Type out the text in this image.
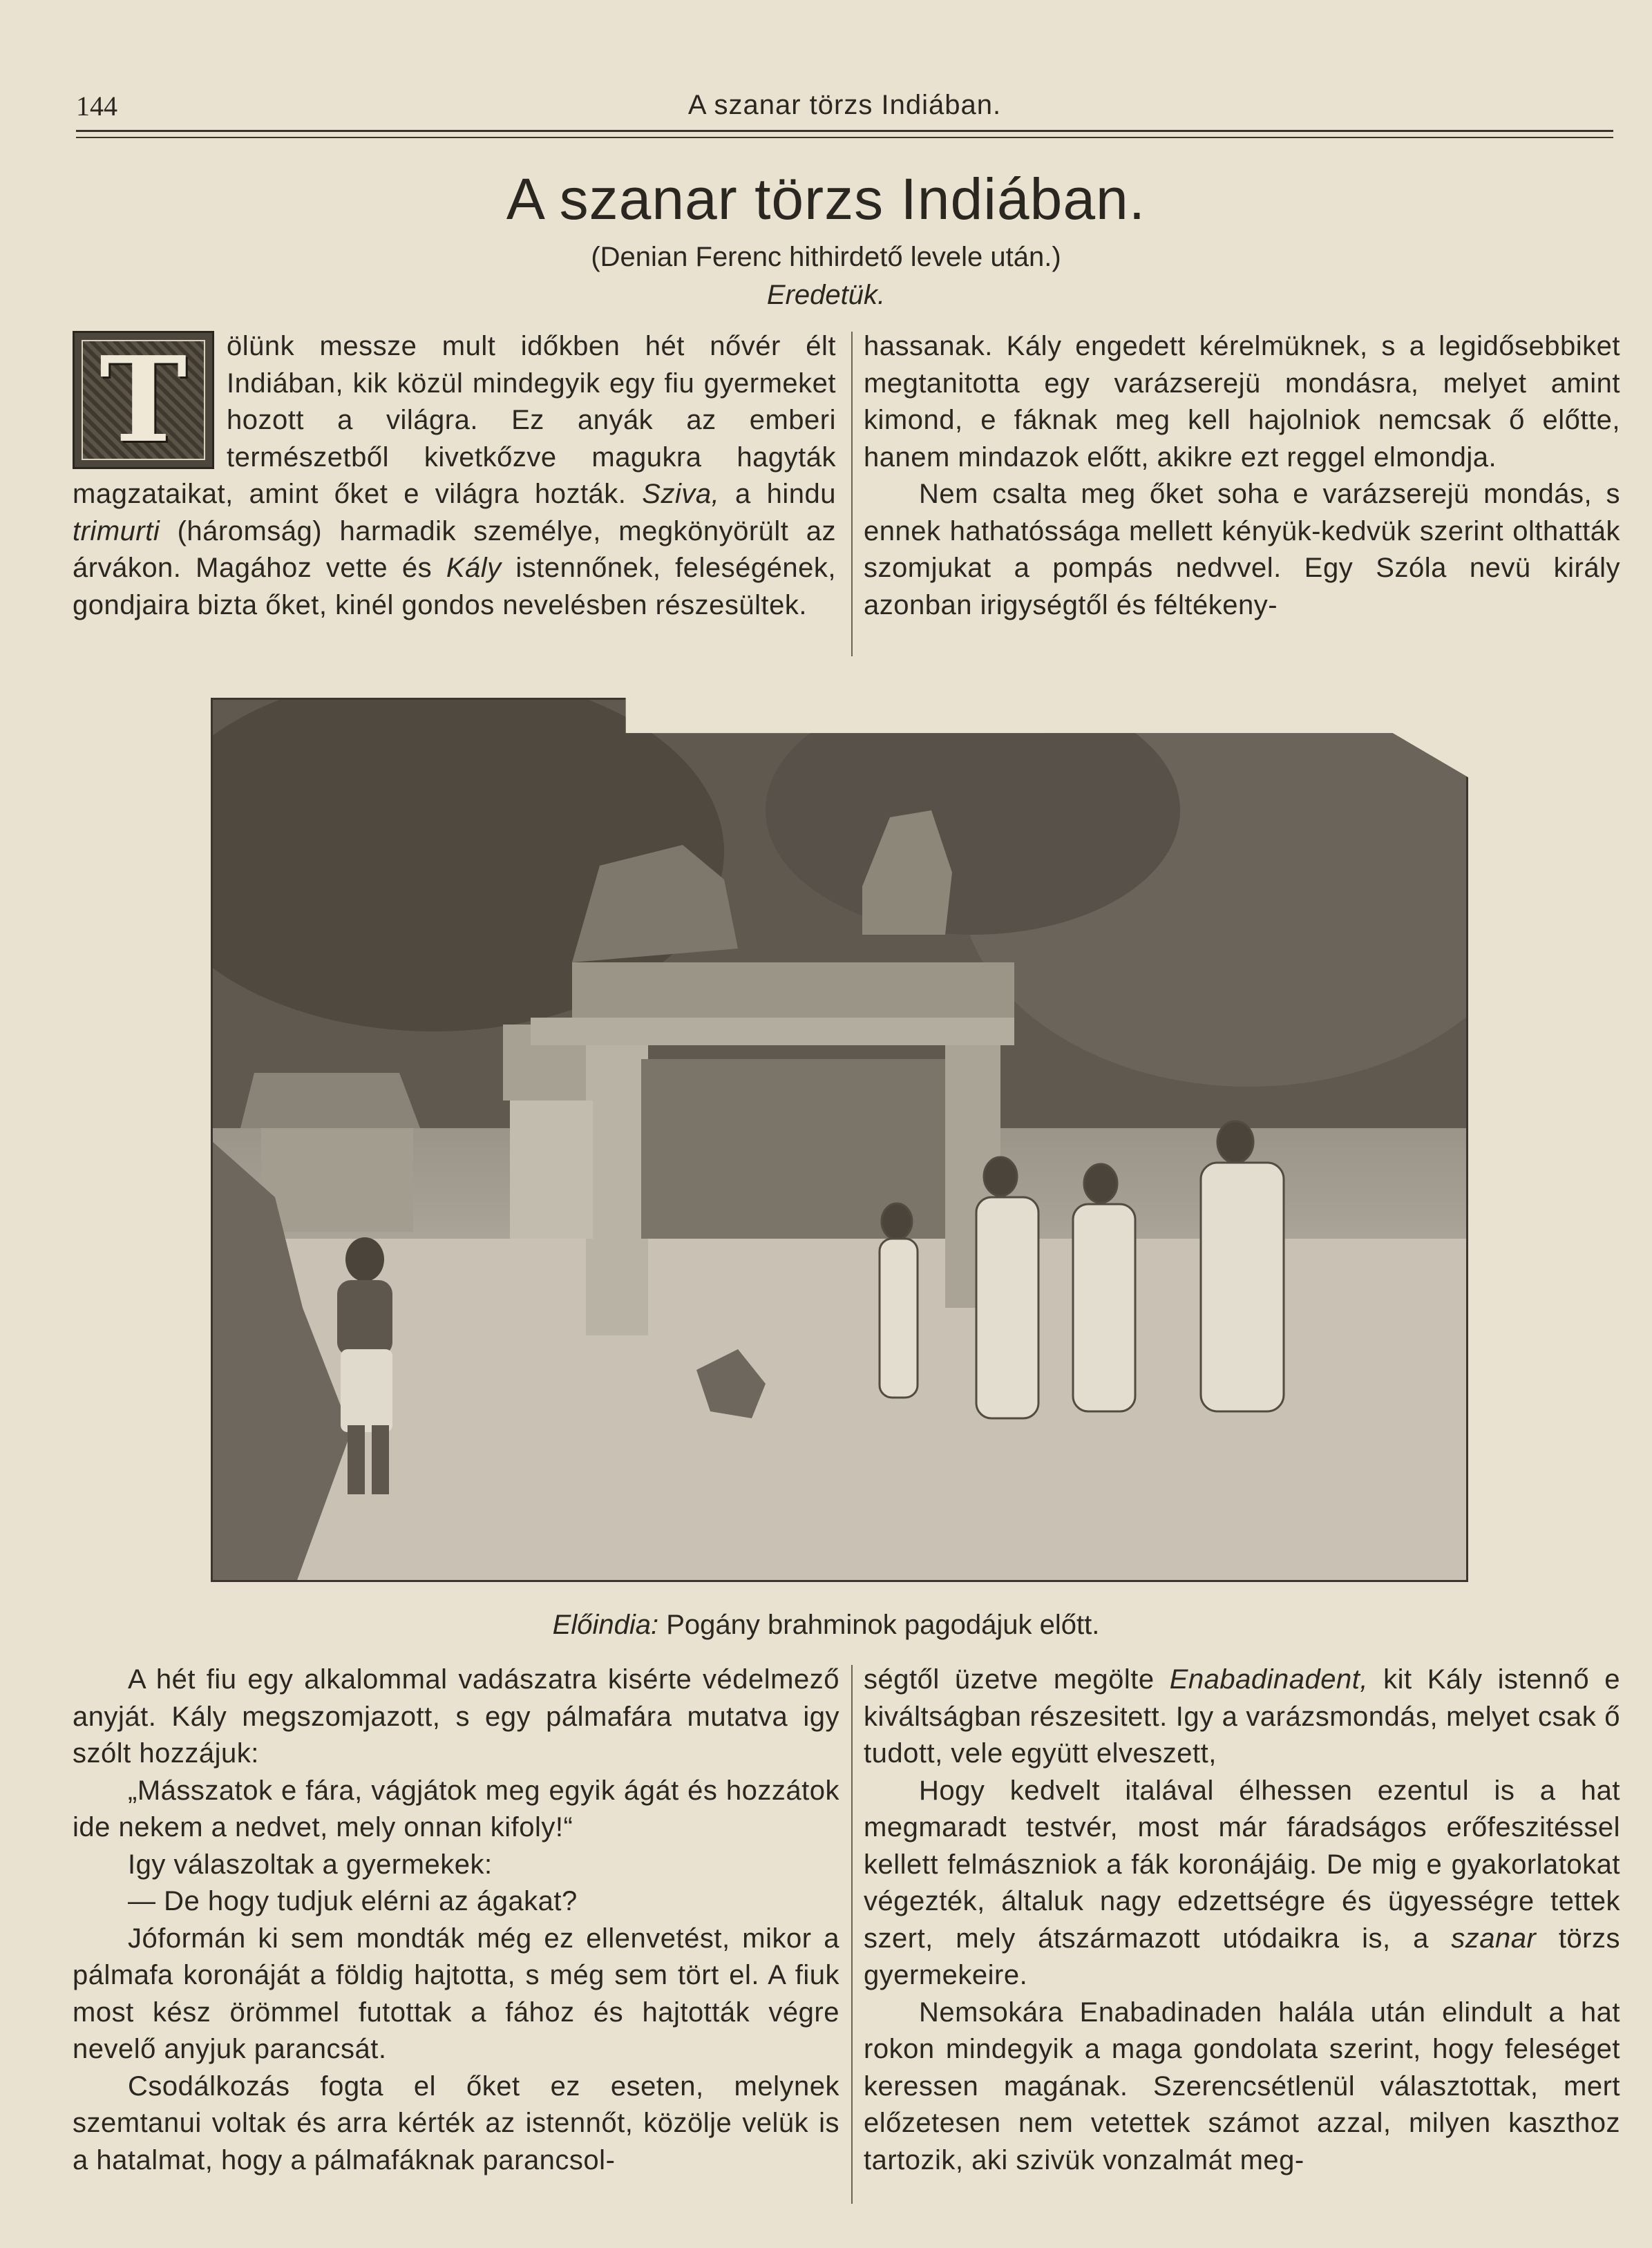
144	A szanar törzs Indiában.
A szanar törzs Indiában.
(Denian Ferenc hithirdető levele után.)
Eredetük.

T ölünk messze mult időkben hét nővér élt Indiában, kik közül mindegyik egy fiu gyermeket hozott a világra. Ez anyák az emberi természetből kivetkőzve magukra hagyták magzataikat, amint őket e világra hozták. Sziva, a hindu trimurti (háromság) harmadik személye, megkönyörült az árvákon. Magához vette és Kály istennőnek, feleségének, gondjaira bizta őket, kinél gondos nevelésben részesültek.

hassanak. Kály engedett kérelmüknek, s a legidősebbiket megtanitotta egy varázserejü mondásra, melyet amint kimond, e fáknak meg kell hajolniok nemcsak ő előtte, hanem mindazok előtt, akikre ezt reggel elmondja.

Nem csalta meg őket soha e varázserejü mondás, s ennek hathatóssága mellett kényük-kedvük szerint olthatták szomjukat a pompás nedvvel. Egy Szóla nevü király azonban irigységtől és féltékeny-

Előindia: Pogány brahminok pagodájuk előtt.

A hét fiu egy alkalommal vadászatra kisérte védelmező anyját. Kály megszomjazott, s egy pálmafára mutatva igy szólt hozzájuk:

„Másszatok e fára, vágjátok meg egyik ágát és hozzátok ide nekem a nedvet, mely onnan kifoly!“

Igy válaszoltak a gyermekek:

— De hogy tudjuk elérni az ágakat?

Jóformán ki sem mondták még ez ellenvetést, mikor a pálmafa koronáját a földig hajtotta, s még sem tört el. A fiuk most kész örömmel futottak a fához és hajtották végre nevelő anyjuk parancsát.

Csodálkozás fogta el őket ez eseten, melynek szemtanui voltak és arra kérték az istennőt, közölje velük is a hatalmat, hogy a pálmafáknak parancsol-

ségtől üzetve megölte Enabadinadent, kit Kály istennő e kiváltságban részesitett. Igy a varázsmondás, melyet csak ő tudott, vele együtt elveszett,

Hogy kedvelt italával élhessen ezentul is a hat megmaradt testvér, most már fáradságos erőfeszitéssel kellett felmászniok a fák koronájáig. De mig e gyakorlatokat végezték, általuk nagy edzettségre és ügyességre tettek szert, mely átszármazott utódaikra is, a szanar törzs gyermekeire.

Nemsokára Enabadinaden halála után elindult a hat rokon mindegyik a maga gondolata szerint, hogy feleséget keressen magának. Szerencsétlenül választottak, mert előzetesen nem vetettek számot azzal, milyen kaszthoz tartozik, aki szivük vonzalmát meg-
